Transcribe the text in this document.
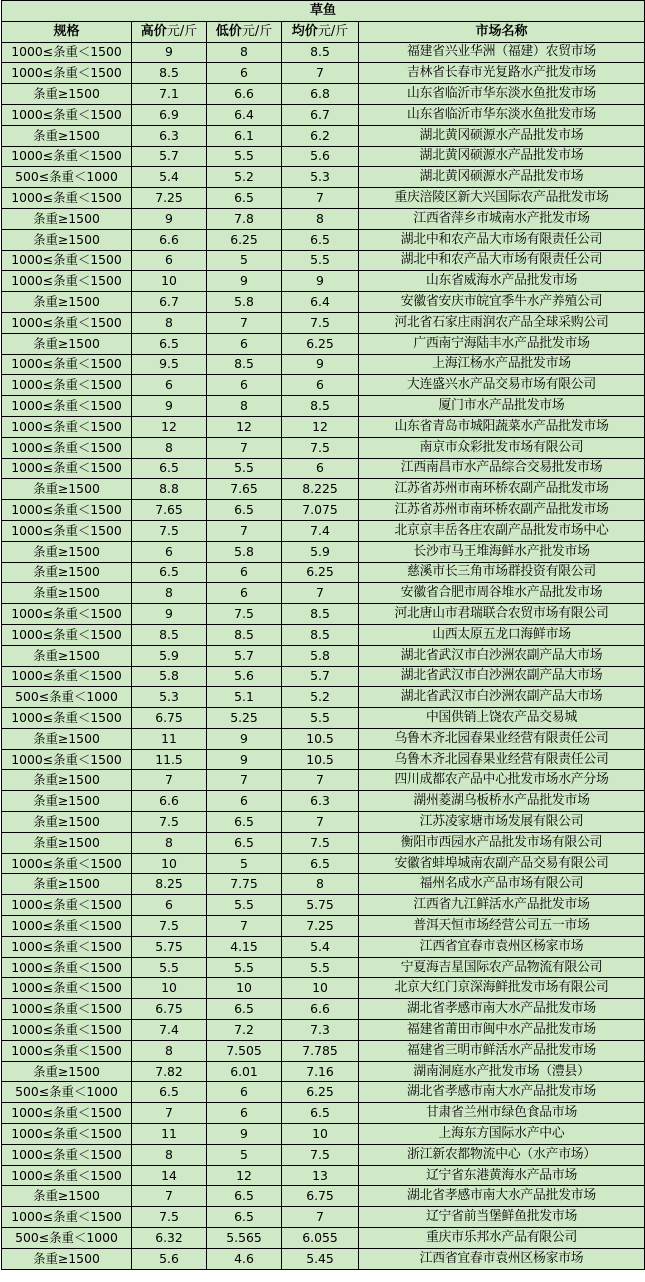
草鱼				
规格	高价元/斤	低价元/斤	均价元/斤	市场名称
1000≤条重＜1500	9	8	8.5	福建省兴业华洲（福建）农贸市场
1000≤条重＜1500	8.5	6	7	吉林省长春市光复路水产批发市场
条重≥1500	7.1	6.6	6.8	山东省临沂市华东淡水鱼批发市场
1000≤条重＜1500	6.9	6.4	6.7	山东省临沂市华东淡水鱼批发市场
条重≥1500	6.3	6.1	6.2	湖北黄冈硕源水产品批发市场
1000≤条重＜1500	5.7	5.5	5.6	湖北黄冈硕源水产品批发市场
500≤条重＜1000	5.4	5.2	5.3	湖北黄冈硕源水产品批发市场
1000≤条重＜1500	7.25	6.5	7	重庆涪陵区新大兴国际农产品批发市场
条重≥1500	9	7.8	8	江西省萍乡市城南水产批发市场
条重≥1500	6.6	6.25	6.5	湖北中和农产品大市场有限责任公司
1000≤条重＜1500	6	5	5.5	湖北中和农产品大市场有限责任公司
1000≤条重＜1500	10	9	9	山东省威海水产品批发市场
条重≥1500	6.7	5.8	6.4	安徽省安庆市皖宜季牛水产养殖公司
1000≤条重＜1500	8	7	7.5	河北省石家庄雨润农产品全球采购公司
条重≥1500	6.5	6	6.25	广西南宁海陆丰水产品批发市场
1000≤条重＜1500	9.5	8.5	9	上海江杨水产品批发市场
1000≤条重＜1500	6	6	6	大连盛兴水产品交易市场有限公司
1000≤条重＜1500	9	8	8.5	厦门市水产品批发市场
1000≤条重＜1500	12	12	12	山东省青岛市城阳蔬菜水产品批发市场
1000≤条重＜1500	8	7	7.5	南京市众彩批发市场有限公司
1000≤条重＜1500	6.5	5.5	6	江西南昌市水产品综合交易批发市场
条重≥1500	8.8	7.65	8.225	江苏省苏州市南环桥农副产品批发市场
1000≤条重＜1500	7.65	6.5	7.075	江苏省苏州市南环桥农副产品批发市场
1000≤条重＜1500	7.5	7	7.4	北京京丰岳各庄农副产品批发市场中心
条重≥1500	6	5.8	5.9	长沙市马王堆海鲜水产批发市场
条重≥1500	6.5	6	6.25	慈溪市长三角市场群投资有限公司
条重≥1500	8	6	7	安徽省合肥市周谷堆水产品批发市场
1000≤条重＜1500	9	7.5	8.5	河北唐山市君瑞联合农贸市场有限公司
1000≤条重＜1500	8.5	8.5	8.5	山西太原五龙口海鲜市场
条重≥1500	5.9	5.7	5.8	湖北省武汉市白沙洲农副产品大市场
1000≤条重＜1500	5.8	5.6	5.7	湖北省武汉市白沙洲农副产品大市场
500≤条重＜1000	5.3	5.1	5.2	湖北省武汉市白沙洲农副产品大市场
1000≤条重＜1500	6.75	5.25	5.5	中国供销上饶农产品交易城
条重≥1500	11	9	10.5	乌鲁木齐北园春果业经营有限责任公司
1000≤条重＜1500	11.5	9	10.5	乌鲁木齐北园春果业经营有限责任公司
条重≥1500	7	7	7	四川成都农产品中心批发市场水产分场
条重≥1500	6.6	6	6.3	湖州菱湖乌板桥水产品批发市场
条重≥1500	7.5	6.5	7	江苏凌家塘市场发展有限公司
条重≥1500	8	6.5	7.5	衡阳市西园水产品批发市场有限公司
1000≤条重＜1500	10	5	6.5	安徽省蚌埠城南农副产品交易有限公司
条重≥1500	8.25	7.75	8	福州名成水产品市场有限公司
1000≤条重＜1500	6	5.5	5.75	江西省九江鲜活水产品批发市场
1000≤条重＜1500	7.5	7	7.25	普洱天恒市场经营公司五一市场
1000≤条重＜1500	5.75	4.15	5.4	江西省宜春市袁州区杨家市场
1000≤条重＜1500	5.5	5.5	5.5	宁夏海吉星国际农产品物流有限公司
1000≤条重＜1500	10	10	10	北京大红门京深海鲜批发市场有限公司
1000≤条重＜1500	6.75	6.5	6.6	湖北省孝感市南大水产品批发市场
1000≤条重＜1500	7.4	7.2	7.3	福建省莆田市闽中水产品批发市场
1000≤条重＜1500	8	7.505	7.785	福建省三明市鲜活水产品批发市场
条重≥1500	7.82	6.01	7.16	湖南洞庭水产批发市场（澧县）
500≤条重＜1000	6.5	6	6.25	湖北省孝感市南大水产品批发市场
1000≤条重＜1500	7	6	6.5	甘肃省兰州市绿色食品市场
1000≤条重＜1500	11	9	10	上海东方国际水产中心
1000≤条重＜1500	8	5	7.5	浙江新农都物流中心（水产市场）
1000≤条重＜1500	14	12	13	辽宁省东港黄海水产品市场
条重≥1500	7	6.5	6.75	湖北省孝感市南大水产品批发市场
1000≤条重＜1500	7.5	6.5	7	辽宁省前当堡鲜鱼批发市场
500≤条重＜1000	6.32	5.565	6.055	重庆市乐邦水产品有限公司
条重≥1500	5.6	4.6	5.45	江西省宜春市袁州区杨家市场
